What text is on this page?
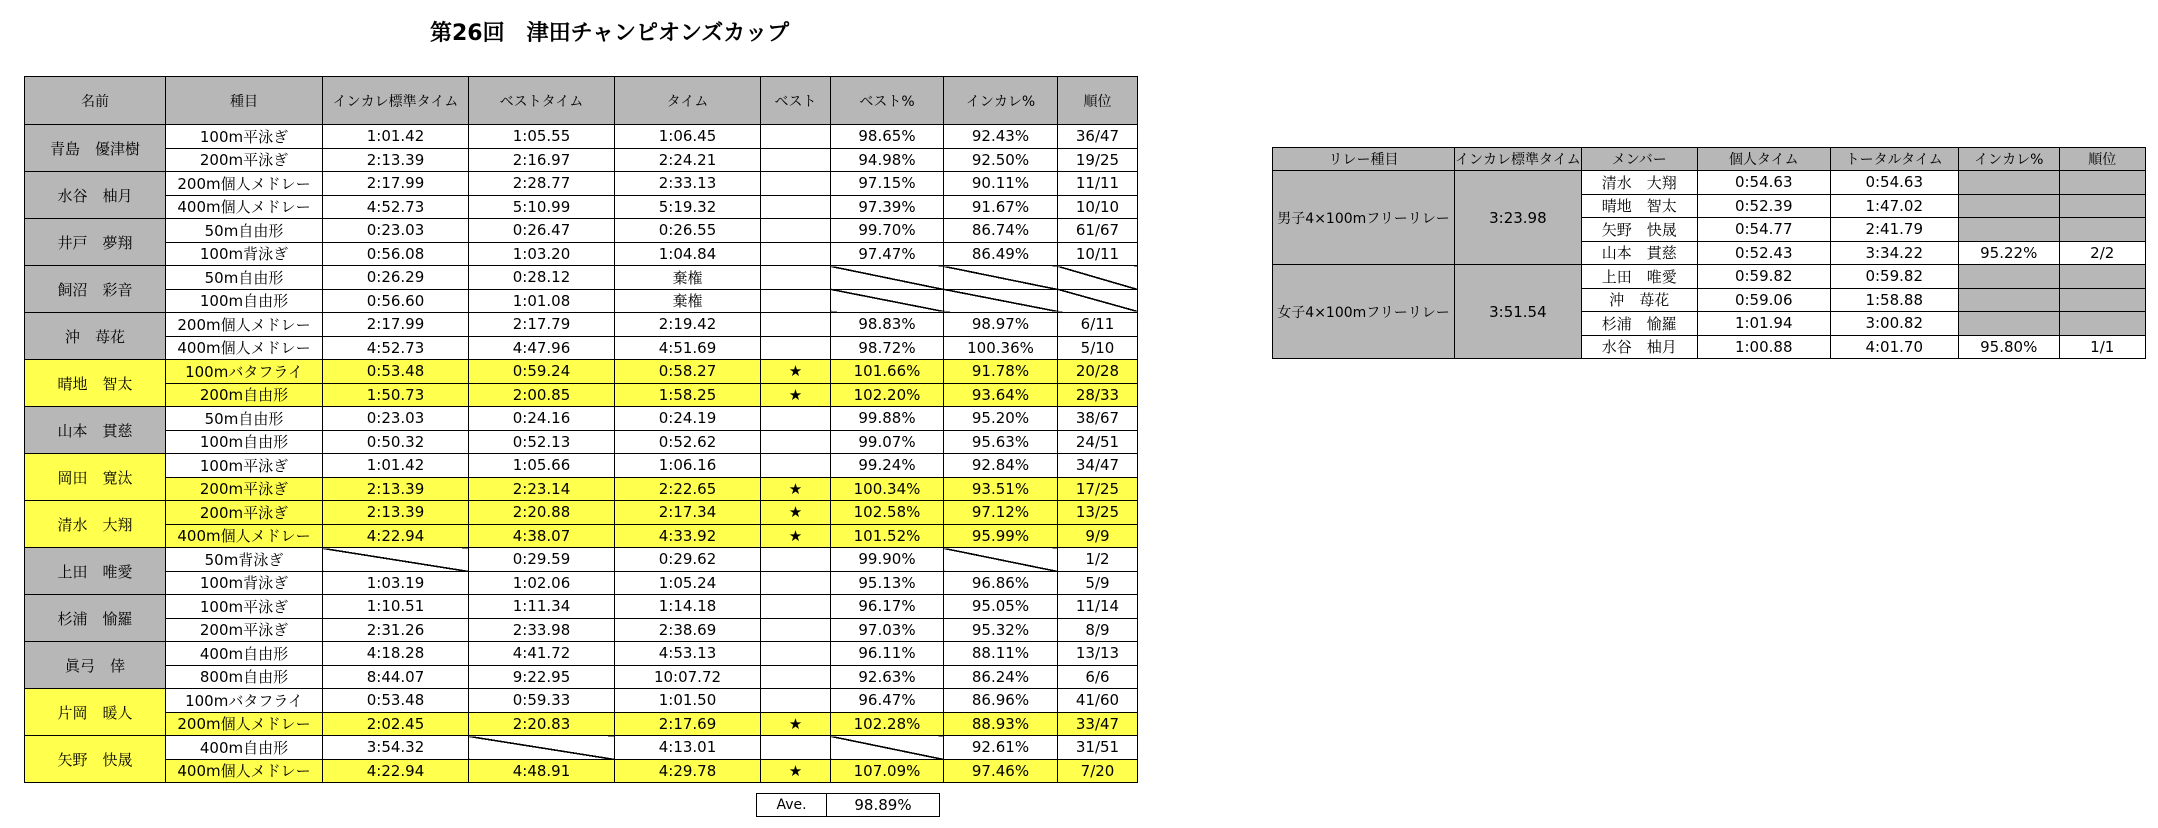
第26回　津田チャンピオンズカップ
名前	種目	インカレ標準タイム	ベストタイム	タイム	ベスト	ベスト%	インカレ%	順位
青島　優津樹	100m平泳ぎ	1:01.42	1:05.55	1:06.45		98.65%	92.43%	36/47
	200m平泳ぎ	2:13.39	2:16.97	2:24.21		94.98%	92.50%	19/25
水谷　柚月	200m個人メドレー	2:17.99	2:28.77	2:33.13		97.15%	90.11%	11/11
	400m個人メドレー	4:52.73	5:10.99	5:19.32		97.39%	91.67%	10/10
井戸　夢翔	50m自由形	0:23.03	0:26.47	0:26.55		99.70%	86.74%	61/67
	100m背泳ぎ	0:56.08	1:03.20	1:04.84		97.47%	86.49%	10/11
飼沼　彩音	50m自由形	0:26.29	0:28.12	棄権				
	100m自由形	0:56.60	1:01.08	棄権				
沖　苺花	200m個人メドレー	2:17.99	2:17.79	2:19.42		98.83%	98.97%	6/11
	400m個人メドレー	4:52.73	4:47.96	4:51.69		98.72%	100.36%	5/10
晴地　智太	100mバタフライ	0:53.48	0:59.24	0:58.27	★	101.66%	91.78%	20/28
	200m自由形	1:50.73	2:00.85	1:58.25	★	102.20%	93.64%	28/33
山本　貫慈	50m自由形	0:23.03	0:24.16	0:24.19		99.88%	95.20%	38/67
	100m自由形	0:50.32	0:52.13	0:52.62		99.07%	95.63%	24/51
岡田　寛汰	100m平泳ぎ	1:01.42	1:05.66	1:06.16		99.24%	92.84%	34/47
	200m平泳ぎ	2:13.39	2:23.14	2:22.65	★	100.34%	93.51%	17/25
清水　大翔	200m平泳ぎ	2:13.39	2:20.88	2:17.34	★	102.58%	97.12%	13/25
	400m個人メドレー	4:22.94	4:38.07	4:33.92	★	101.52%	95.99%	9/9
上田　唯愛	50m背泳ぎ		0:29.59	0:29.62		99.90%		1/2
	100m背泳ぎ	1:03.19	1:02.06	1:05.24		95.13%	96.86%	5/9
杉浦　愉羅	100m平泳ぎ	1:10.51	1:11.34	1:14.18		96.17%	95.05%	11/14
	200m平泳ぎ	2:31.26	2:33.98	2:38.69		97.03%	95.32%	8/9
眞弓　倖	400m自由形	4:18.28	4:41.72	4:53.13		96.11%	88.11%	13/13
	800m自由形	8:44.07	9:22.95	10:07.72		92.63%	86.24%	6/6
片岡　暖人	100mバタフライ	0:53.48	0:59.33	1:01.50		96.47%	86.96%	41/60
	200m個人メドレー	2:02.45	2:20.83	2:17.69	★	102.28%	88.93%	33/47
矢野　快晟	400m自由形	3:54.32		4:13.01			92.61%	31/51
	400m個人メドレー	4:22.94	4:48.91	4:29.78	★	107.09%	97.46%	7/20
Ave.	98.89%
リレー種目	インカレ標準タイム	メンバー	個人タイム	トータルタイム	インカレ%	順位
男子4×100mフリーリレー	3:23.98	清水　大翔	0:54.63	0:54.63		
		晴地　智太	0:52.39	1:47.02		
		矢野　快晟	0:54.77	2:41.79		
		山本　貫慈	0:52.43	3:34.22	95.22%	2/2
女子4×100mフリーリレー	3:51.54	上田　唯愛	0:59.82	0:59.82		
		沖　苺花	0:59.06	1:58.88		
		杉浦　愉羅	1:01.94	3:00.82		
		水谷　柚月	1:00.88	4:01.70	95.80%	1/1
